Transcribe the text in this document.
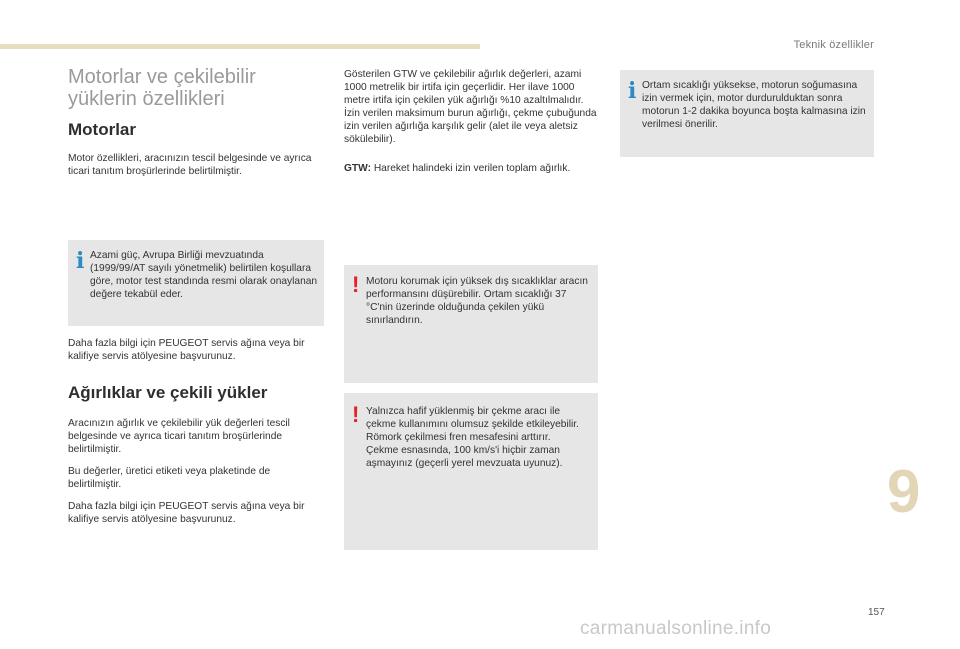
Teknik özellikler
Motorlar ve çekilebilir
yüklerin özellikleri
Motorlar

Motor özellikleri, aracınızın tescil belgesinde ve ayrıca ticari tanıtım broşürlerinde belirtilmiştir.

i Azami güç, Avrupa Birliği mevzuatında (1999/99/AT sayılı yönetmelik) belirtilen koşullara göre, motor test standında resmi olarak onaylanan değere tekabül eder.

Daha fazla bilgi için PEUGEOT servis ağına veya bir kalifiye servis atölyesine başvurunuz.

Ağırlıklar ve çekili yükler

Aracınızın ağırlık ve çekilebilir yük değerleri tescil belgesinde ve ayrıca ticari tanıtım broşürlerinde belirtilmiştir.

Bu değerler, üretici etiketi veya plaketinde de belirtilmiştir.

Daha fazla bilgi için PEUGEOT servis ağına veya bir kalifiye servis atölyesine başvurunuz.

Gösterilen GTW ve çekilebilir ağırlık değerleri, azami 1000 metrelik bir irtifa için geçerlidir. Her ilave 1000 metre irtifa için çekilen yük ağırlığı %10 azaltılmalıdır.

İzin verilen maksimum burun ağırlığı, çekme çubuğunda izin verilen ağırlığa karşılık gelir (alet ile veya aletsiz sökülebilir).

GTW: Hareket halindeki izin verilen toplam ağırlık.

! Motoru korumak için yüksek dış sıcaklıklar aracın performansını düşürebilir. Ortam sıcaklığı 37 °C'nin üzerinde olduğunda çekilen yükü sınırlandırın.
! Yalnızca hafif yüklenmiş bir çekme aracı ile çekme kullanımını olumsuz şekilde etkileyebilir.
Römork çekilmesi fren mesafesini arttırır.
Çekme esnasında, 100 km/s'i hiçbir zaman aşmayınız (geçerli yerel mevzuata uyunuz).
i Ortam sıcaklığı yüksekse, motorun soğumasına izin vermek için, motor durdurulduktan sonra motorun 1-2 dakika boyunca boşta kalmasına izin verilmesi önerilir.
9
157
carmanualsonline.info
